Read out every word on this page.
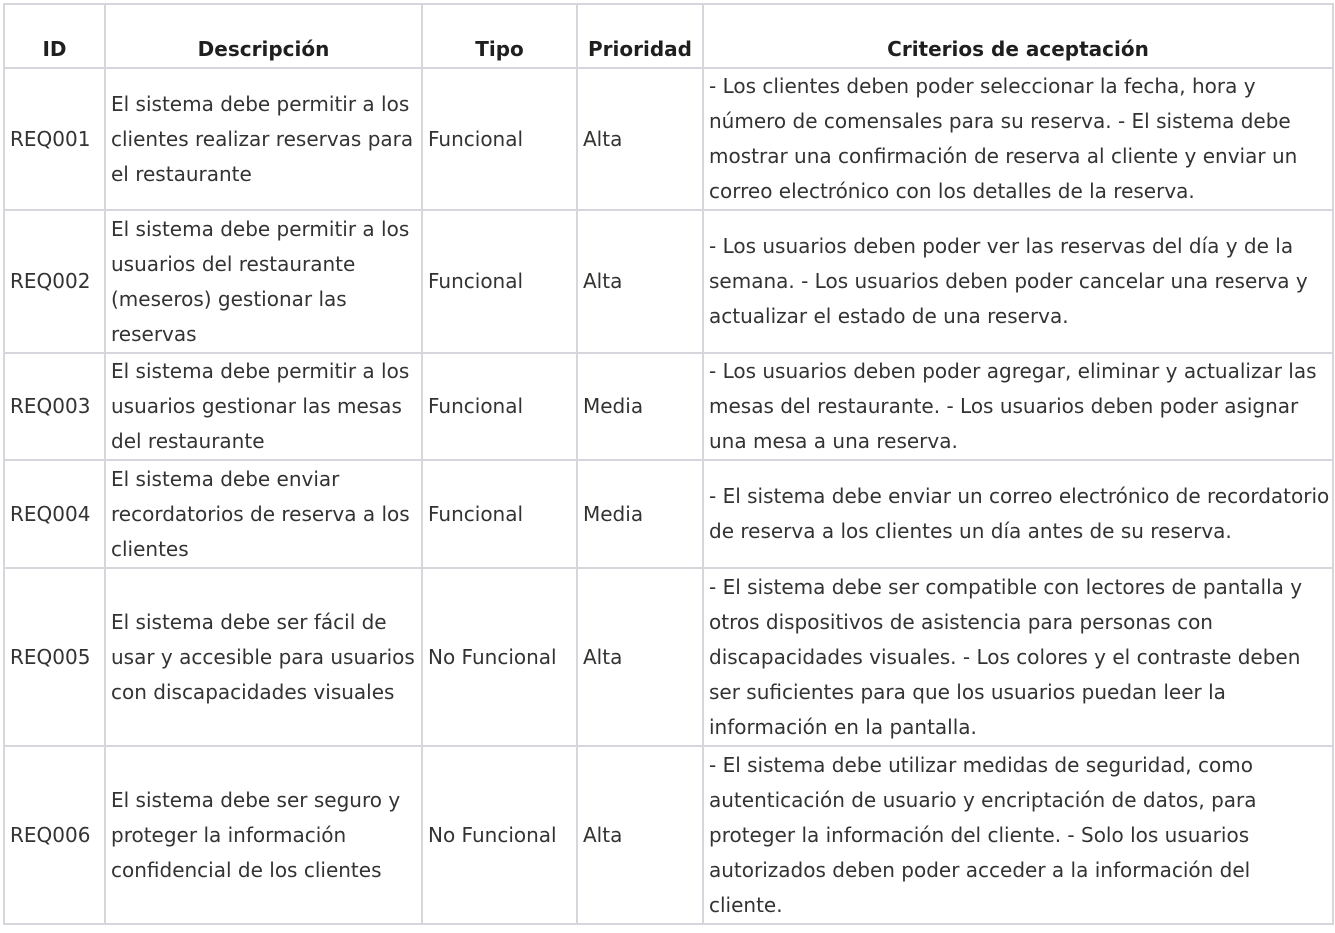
ID	Descripción	Tipo	Prioridad	Criterios de aceptación
REQ001	El sistema debe permitir a los clientes realizar reservas para el restaurante	Funcional	Alta	- Los clientes deben poder seleccionar la fecha, hora y número de comensales para su reserva. - El sistema debe mostrar una confirmación de reserva al cliente y enviar un correo electrónico con los detalles de la reserva.
REQ002	El sistema debe permitir a los usuarios del restaurante (meseros) gestionar las reservas	Funcional	Alta	- Los usuarios deben poder ver las reservas del día y de la semana. - Los usuarios deben poder cancelar una reserva y actualizar el estado de una reserva.
REQ003	El sistema debe permitir a los usuarios gestionar las mesas del restaurante	Funcional	Media	- Los usuarios deben poder agregar, eliminar y actualizar las mesas del restaurante. - Los usuarios deben poder asignar una mesa a una reserva.
REQ004	El sistema debe enviar recordatorios de reserva a los clientes	Funcional	Media	- El sistema debe enviar un correo electrónico de recordatorio de reserva a los clientes un día antes de su reserva.
REQ005	El sistema debe ser fácil de usar y accesible para usuarios con discapacidades visuales	No Funcional	Alta	- El sistema debe ser compatible con lectores de pantalla y otros dispositivos de asistencia para personas con discapacidades visuales. - Los colores y el contraste deben ser suficientes para que los usuarios puedan leer la información en la pantalla.
REQ006	El sistema debe ser seguro y proteger la información confidencial de los clientes	No Funcional	Alta	- El sistema debe utilizar medidas de seguridad, como autenticación de usuario y encriptación de datos, para proteger la información del cliente. - Solo los usuarios autorizados deben poder acceder a la información del cliente.
